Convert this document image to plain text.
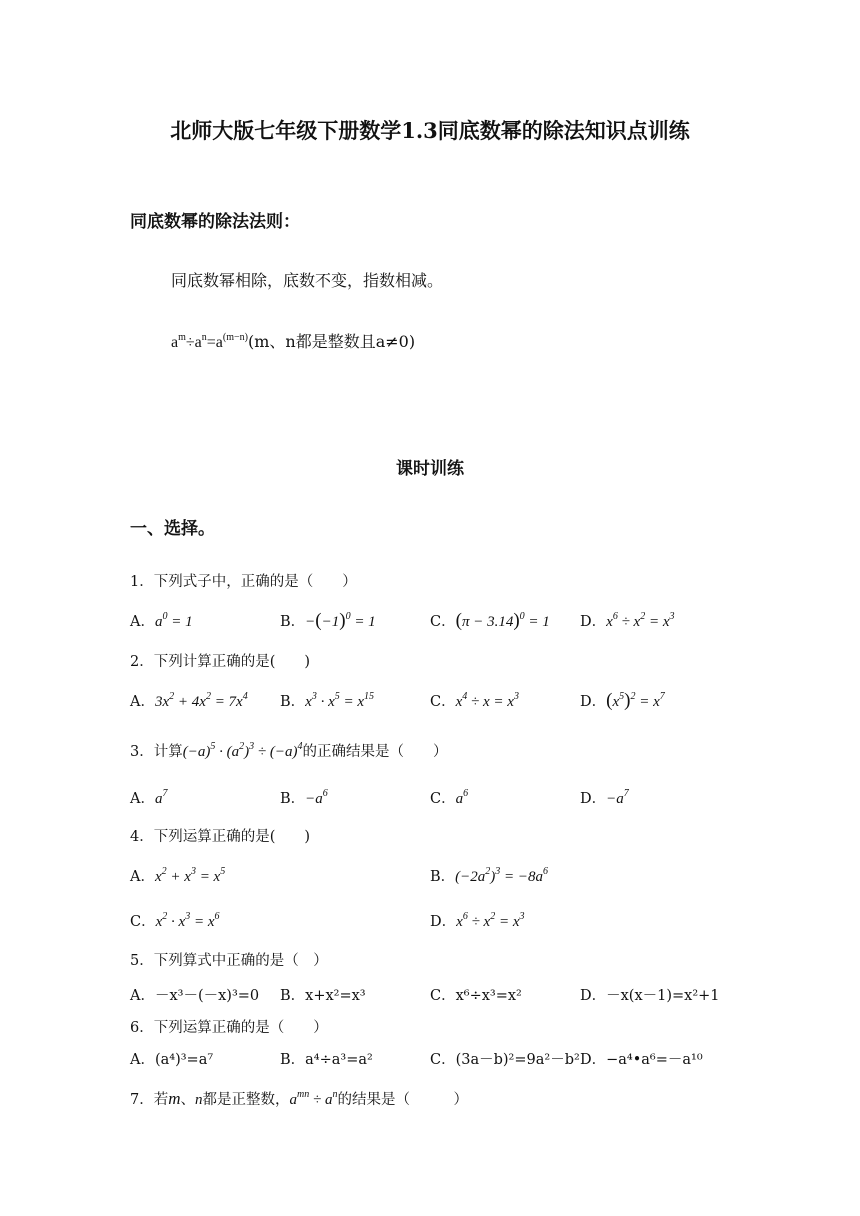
北师大版七年级下册数学1.3同底数幂的除法知识点训练
同底数幂的除法法则：
同底数幂相除，底数不变，指数相减。
$a^m\div a^n=a^{(m-n)}(m$、n都是整数且a≠0)
课时训练
一、选择。
1．下列式子中，正确的是（　　）
A．$a^0 = 1$	B．$-(-1)^0 = 1$	C．$(\pi - 3.14)^0 = 1$ D．$x^6 \div x^2 = x^3$
2．下列计算正确的是(　　)
A．$3x^2 + 4x^2 = 7x^4$ B．$x^3 \cdot x^5 = x^{15}$	C．$x^4 \div x = x^3$	D．$(x^5)^2 = x^7$
3．计算$(-a)^5 \cdot (a^2)^3 \div (-a)^4$的正确结果是（　　）
A．$a^7$	B．$-a^6$	C．$a^6$	D．$-a^7$
4．下列运算正确的是(　　)
A．$x^2 + x^3 = x^5$	B．$(-2a^2)^3 = -8a^6$
C．$x^2 \cdot x^3 = x^6$	D．$x^6 \div x^2 = x^3$
5．下列算式中正确的是（　）
A．－x³－(－x)³=0 B．x+x²=x³	C．x⁶÷x³=x²	D．－x(x－1)=x²+1
6．下列运算正确的是（　　）
A．(a⁴)³=a⁷	B．a⁴÷a³=a²	C．(3a－b)²=9a²－b² D．−a⁴•a⁶=－a¹⁰
7．若m、n都是正整数，$a^{mn} \div a^n$的结果是（　　　）
